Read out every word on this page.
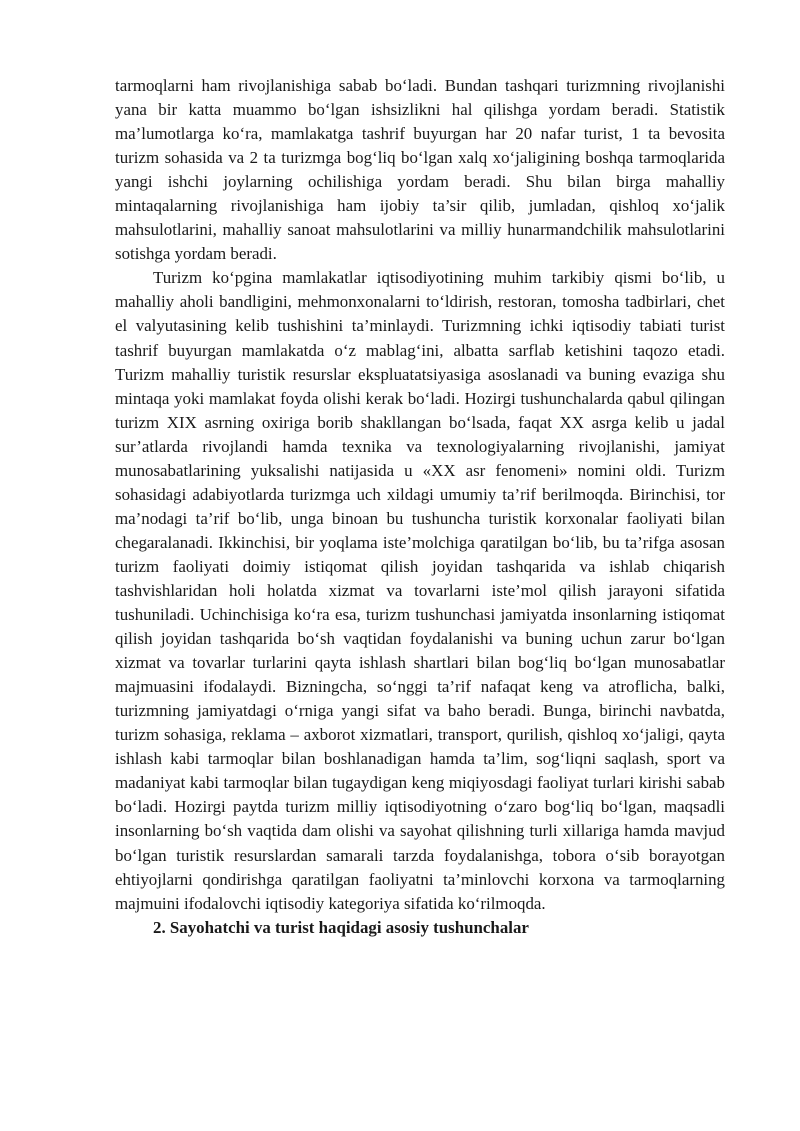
tarmoqlarni ham rivojlanishiga sabab bo‘ladi. Bundan tashqari turizmning rivojlanishi yana bir katta muammo bo‘lgan ishsizlikni hal qilishga yordam beradi. Statistik ma’lumotlarga ko‘ra, mamlakatga tashrif buyurgan har 20 nafar turist, 1 ta bevosita turizm sohasida va 2 ta turizmga bog‘liq bo‘lgan xalq xo‘jaligining boshqa tarmoqlarida yangi ishchi joylarning ochilishiga yordam beradi. Shu bilan birga mahalliy mintaqalarning rivojlanishiga ham ijobiy ta’sir qilib, jumladan, qishloq xo‘jalik mahsulotlarini, mahalliy sanoat mahsulotlarini va milliy hunarmandchilik mahsulotlarini sotishga yordam beradi.

Turizm ko‘pgina mamlakatlar iqtisodiyotining muhim tarkibiy qismi bo‘lib, u mahalliy aholi bandligini, mehmonxonalarni to‘ldirish, restoran, tomosha tadbirlari, chet el valyutasining kelib tushishini ta’minlaydi. Turizmning ichki iqtisodiy tabiati turist tashrif buyurgan mamlakatda o‘z mablag‘ini, albatta sarflab ketishini taqozo etadi. Turizm mahalliy turistik resurslar ekspluatatsiyasiga asoslanadi va buning evaziga shu mintaqa yoki mamlakat foyda olishi kerak bo‘ladi. Hozirgi tushunchalarda qabul qilingan turizm XIX asrning oxiriga borib shakllangan bo‘lsada, faqat XX asrga kelib u jadal sur’atlarda rivojlandi hamda texnika va texnologiyalarning rivojlanishi, jamiyat munosabatlarining yuksalishi natijasida u «XX asr fenomeni» nomini oldi. Turizm sohasidagi adabiyotlarda turizmga uch xildagi umumiy ta’rif berilmoqda. Birinchisi, tor ma’nodagi ta’rif bo‘lib, unga binoan bu tushuncha turistik korxonalar faoliyati bilan chegaralanadi. Ikkinchisi, bir yoqlama iste’molchiga qaratilgan bo‘lib, bu ta’rifga asosan turizm faoliyati doimiy istiqomat qilish joyidan tashqarida va ishlab chiqarish tashvishlaridan holi holatda xizmat va tovarlarni iste’mol qilish jarayoni sifatida tushuniladi. Uchinchisiga ko‘ra esa, turizm tushunchasi jamiyatda insonlarning istiqomat qilish joyidan tashqarida bo‘sh vaqtidan foydalanishi va buning uchun zarur bo‘lgan xizmat va tovarlar turlarini qayta ishlash shartlari bilan bog‘liq bo‘lgan munosabatlar majmuasini ifodalaydi. Bizningcha, so‘nggi ta’rif nafaqat keng va atroflicha, balki, turizmning jamiyatdagi o‘rniga yangi sifat va baho beradi. Bunga, birinchi navbatda, turizm sohasiga, reklama – axborot xizmatlari, transport, qurilish, qishloq xo‘jaligi, qayta ishlash kabi tarmoqlar bilan boshlanadigan hamda ta’lim, sog‘liqni saqlash, sport va madaniyat kabi tarmoqlar bilan tugaydigan keng miqiyosdagi faoliyat turlari kirishi sabab bo‘ladi. Hozirgi paytda turizm milliy iqtisodiyotning o‘zaro bog‘liq bo‘lgan, maqsadli insonlarning bo‘sh vaqtida dam olishi va sayohat qilishning turli xillariga hamda mavjud bo‘lgan turistik resurslardan samarali tarzda foydalanishga, tobora o‘sib borayotgan ehtiyojlarni qondirishga qaratilgan faoliyatni ta’minlovchi korxona va tarmoqlarning majmuini ifodalovchi iqtisodiy kategoriya sifatida ko‘rilmoqda.

2. Sayohatchi va turist haqidagi asosiy tushunchalar
